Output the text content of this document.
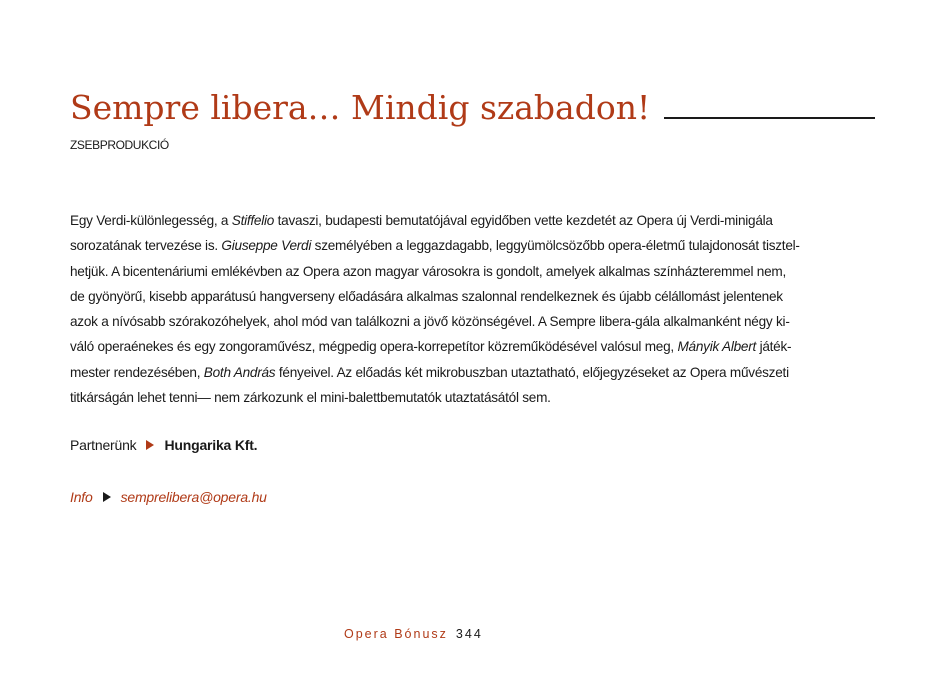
Sempre libera… Mindig szabadon!
ZSEBPRODUKCIÓ
Egy Verdi-különlegesség, a Stiffelio tavaszi, budapesti bemutatójával egyidőben vette kezdetét az Opera új Verdi-minigála
sorozatának tervezése is. Giuseppe Verdi személyében a leggazdagabb, leggyümölcsözőbb opera-életmű tulajdonosát tisztel-
hetjük. A bicentenáriumi emlékévben az Opera azon magyar városokra is gondolt, amelyek alkalmas színházteremmel nem,
de gyönyörű, kisebb apparátusú hangverseny előadására alkalmas szalonnal rendelkeznek és újabb célállomást jelentenek
azok a nívósabb szórakozóhelyek, ahol mód van találkozni a jövő közönségével. A Sempre libera-gála alkalmanként négy ki-
váló operaénekes és egy zongoraművész, mégpedig opera-korrepetítor közreműködésével valósul meg, Mányik Albert játék-
mester rendezésében, Both András fényeivel. Az előadás két mikrobuszban utaztatható, előjegyzéseket az Opera művészeti
titkárságán lehet tenni— nem zárkozunk el mini-balettbemutatók utaztatásától sem.
Partnerünk Hungarika Kft.
Info semprelibera@opera.hu
Opera Bónusz 344
